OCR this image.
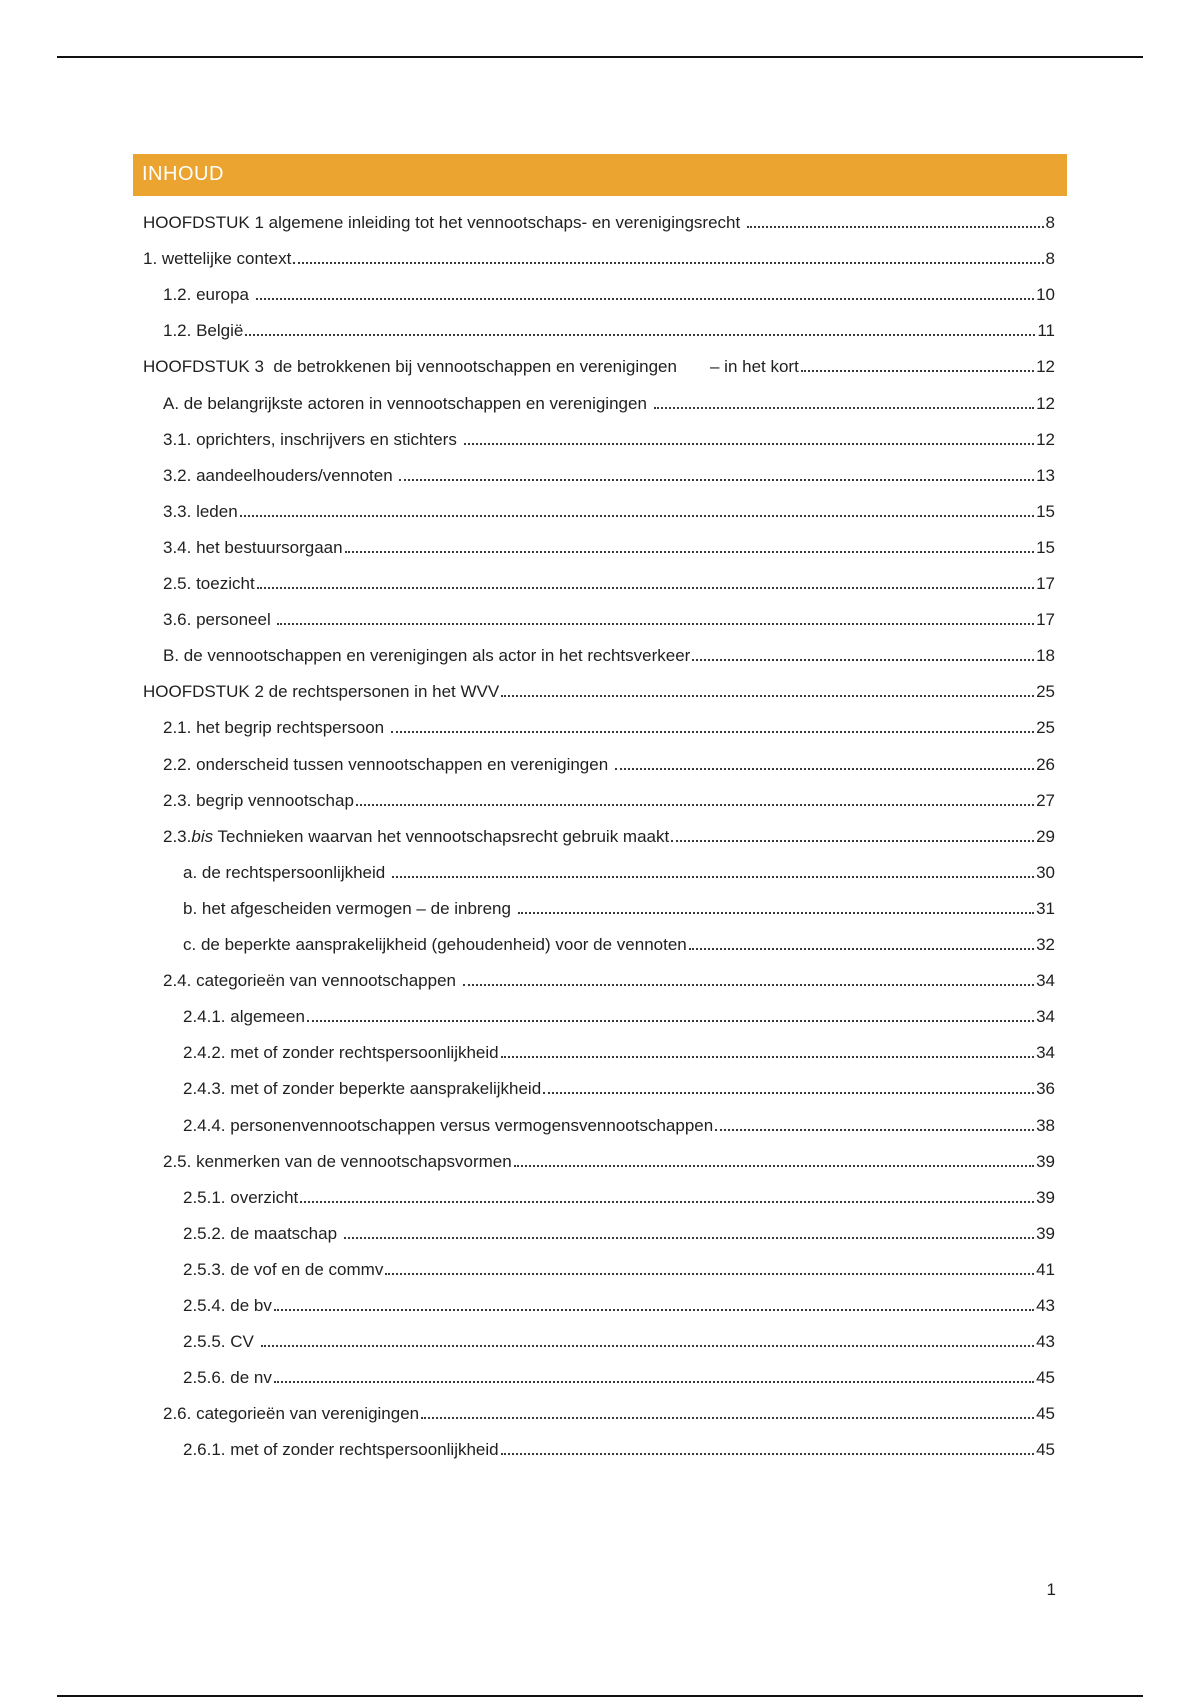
INHOUD
HOOFDSTUK 1 algemene inleiding tot het vennootschaps- en verenigingsrecht	8
1. wettelijke context	8
1.2. europa	10
1.2. België	11
HOOFDSTUK 3  de betrokkenen bij vennootschappen en verenigingen       – in het kort	12
A. de belangrijkste actoren in vennootschappen en verenigingen	12
3.1. oprichters, inschrijvers en stichters	12
3.2. aandeelhouders/vennoten	13
3.3. leden	15
3.4. het bestuursorgaan	15
2.5. toezicht	17
3.6. personeel	17
B. de vennootschappen en verenigingen als actor in het rechtsverkeer	18
HOOFDSTUK 2 de rechtspersonen in het WVV	25
2.1. het begrip rechtspersoon	25
2.2. onderscheid tussen vennootschappen en verenigingen	26
2.3. begrip vennootschap	27
2.3.bis Technieken waarvan het vennootschapsrecht gebruik maakt	29
a. de rechtspersoonlijkheid	30
b. het afgescheiden vermogen – de inbreng	31
c. de beperkte aansprakelijkheid (gehoudenheid) voor de vennoten	32
2.4. categorieën van vennootschappen	34
2.4.1. algemeen	34
2.4.2. met of zonder rechtspersoonlijkheid	34
2.4.3. met of zonder beperkte aansprakelijkheid	36
2.4.4. personenvennootschappen versus vermogensvennootschappen	38
2.5. kenmerken van de vennootschapsvormen	39
2.5.1. overzicht	39
2.5.2. de maatschap	39
2.5.3. de vof en de commv	41
2.5.4. de bv	43
2.5.5. CV	43
2.5.6. de nv	45
2.6. categorieën van verenigingen	45
2.6.1. met of zonder rechtspersoonlijkheid	45
1
